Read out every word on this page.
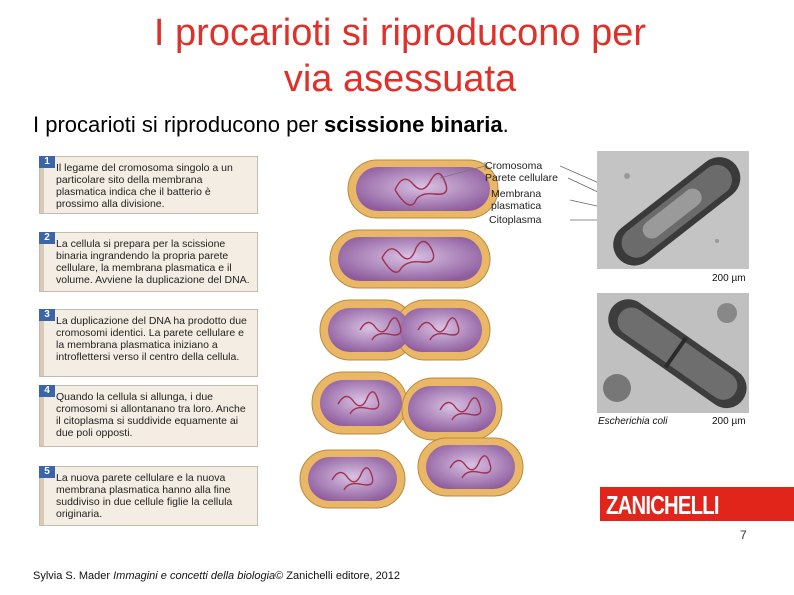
I procarioti si riproducono per
via asessuata
I procarioti si riproducono per scissione binaria.
1
Il legame del cromosoma singolo a un particolare sito della membrana plasmatica indica che il batterio è prossimo alla divisione.
2
La cellula si prepara per la scissione binaria ingrandendo la propria parete cellulare, la membrana plasmatica e il volume. Avviene la duplicazione del DNA.
3
La duplicazione del DNA ha prodotto due cromosomi identici. La parete cellulare e la membrana plasmatica iniziano a introflettersi verso il centro della cellula.
4
Quando la cellula si allunga, i due cromosomi si allontanano tra loro. Anche il citoplasma si suddivide equamente ai due poli opposti.
5
La nuova parete cellulare e la nuova membrana plasmatica hanno alla fine suddiviso in due cellule figlie la cellula originaria.
Cromosoma
Parete cellulare
Membrana
plasmatica
Citoplasma
200 µm
Escherichia coli	200 µm
ZANICHELLI
7
Sylvia S. Mader Immagini e concetti della biologia© Zanichelli editore, 2012
